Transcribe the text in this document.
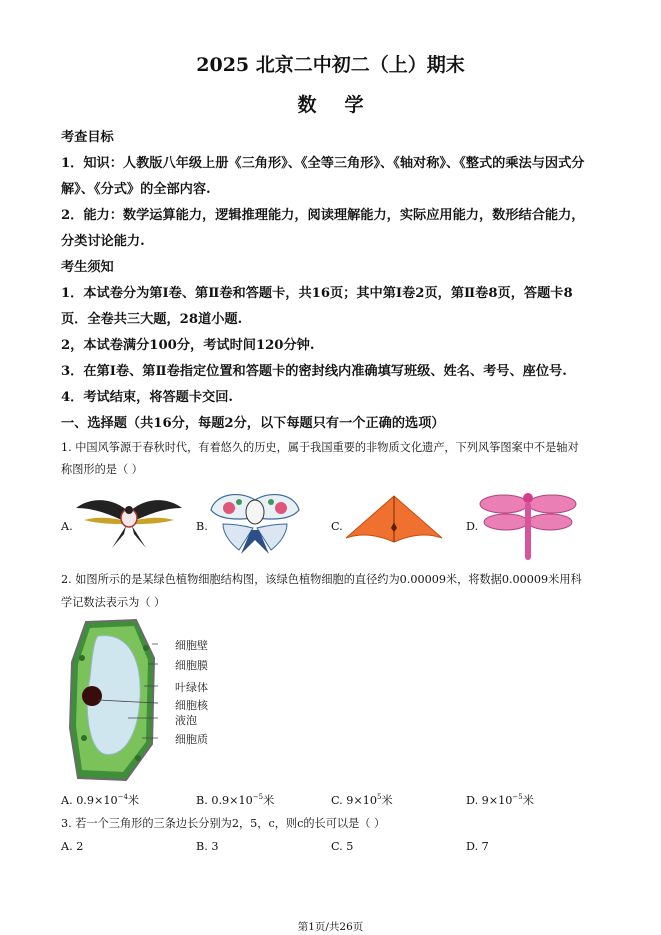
2025 北京二中初二（上）期末
数学
考查目标
1．知识：人教版八年级上册《三角形》、《全等三角形》、《轴对称》、《整式的乘法与因式分
解》、《分式》的全部内容.
2．能力：数学运算能力，逻辑推理能力，阅读理解能力，实际应用能力，数形结合能力，
分类讨论能力.
考生须知
1．本试卷分为第Ⅰ卷、第Ⅱ卷和答题卡，共16页；其中第Ⅰ卷2页，第Ⅱ卷8页，答题卡8
页．全卷共三大题，28道小题.
2，本试卷满分100分，考试时间120分钟.
3．在第Ⅰ卷、第Ⅱ卷指定位置和答题卡的密封线内准确填写班级、姓名、考号、座位号.
4．考试结束，将答题卡交回.
一、选择题（共16分，每题2分，以下每题只有一个正确的选项）
1. 中国风筝源于春秋时代，有着悠久的历史，属于我国重要的非物质文化遗产，下列风筝图案中不是轴对
称图形的是（ ）
A.	B.	C.	D.
2. 如图所示的是某绿色植物细胞结构图，该绿色植物细胞的直径约为0.00009米，将数据0.00009米用科
学记数法表示为（ ）
细胞壁
细胞膜
叶绿体
细胞核
液泡
细胞质
A. $0.9\times 10^{-4}$米	B. $0.9\times 10^{-5}$米	C. $9\times 10^5$米	D. $9\times 10^{-5}$米
3. 若一个三角形的三条边长分别为2，5，c，则c的长可以是（ ）
A. 2	B. 3	C. 5	D. 7
第1页/共26页
